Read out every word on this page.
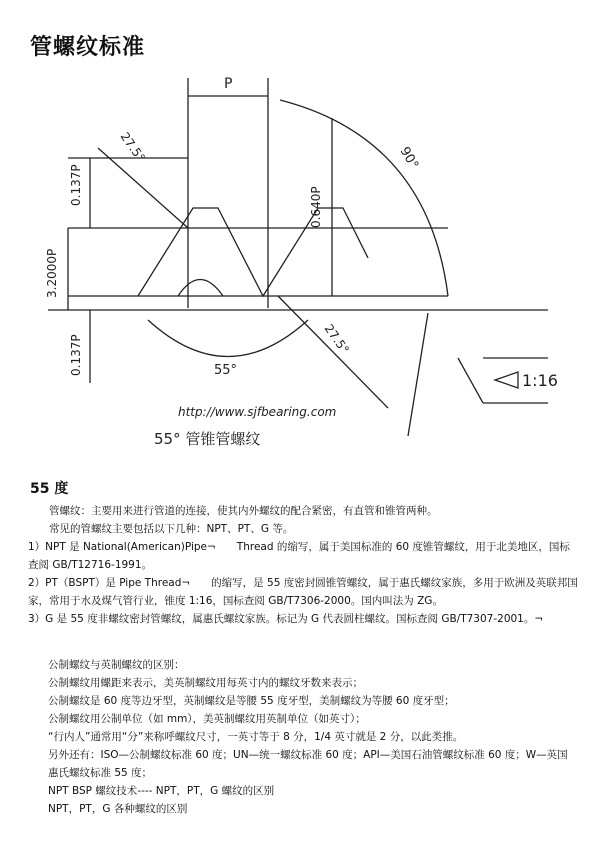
管螺纹标准
P
0.137P
0.640P
3.2000P
0.137P
27.5°
27.5°
90°
55°
1:16
http://www.sjfbearing.com
55° 管锥管螺纹
55 度

管螺纹：主要用来进行管道的连接，使其内外螺纹的配合紧密，有直管和锥管两种。

常见的管螺纹主要包括以下几种：NPT、PT、G 等。

1）NPT 是 National(American)Pipe¬　　Thread 的缩写，属于美国标准的 60 度锥管螺纹，用于北美地区，国标查阅 GB/T12716-1991。

2）PT（BSPT）是 Pipe Thread¬　　的缩写，是 55 度密封圆锥管螺纹，属于惠氏螺纹家族，多用于欧洲及英联邦国家，常用于水及煤气管行业，锥度 1:16，国标查阅 GB/T7306-2000。国内叫法为 ZG。

3）G 是 55 度非螺纹密封管螺纹，属惠氏螺纹家族。标记为 G 代表圆柱螺纹。国标查阅 GB/T7307-2001。¬

公制螺纹与英制螺纹的区别：

公制螺纹用螺距来表示，美英制螺纹用每英寸内的螺纹牙数来表示；

公制螺纹是 60 度等边牙型，英制螺纹是等腰 55 度牙型，美制螺纹为等腰 60 度牙型；

公制螺纹用公制单位（如 mm），美英制螺纹用英制单位（如英寸）；

“行内人”通常用“分”来称呼螺纹尺寸，一英寸等于 8 分，1/4 英寸就是 2 分，以此类推。

另外还有：ISO—公制螺纹标准 60 度；UN—统一螺纹标准 60 度；API—美国石油管螺纹标准 60 度；W—英国惠氏螺纹标准 55 度；

NPT BSP 螺纹技术---- NPT，PT，G 螺纹的区别

NPT，PT，G 各种螺纹的区别
